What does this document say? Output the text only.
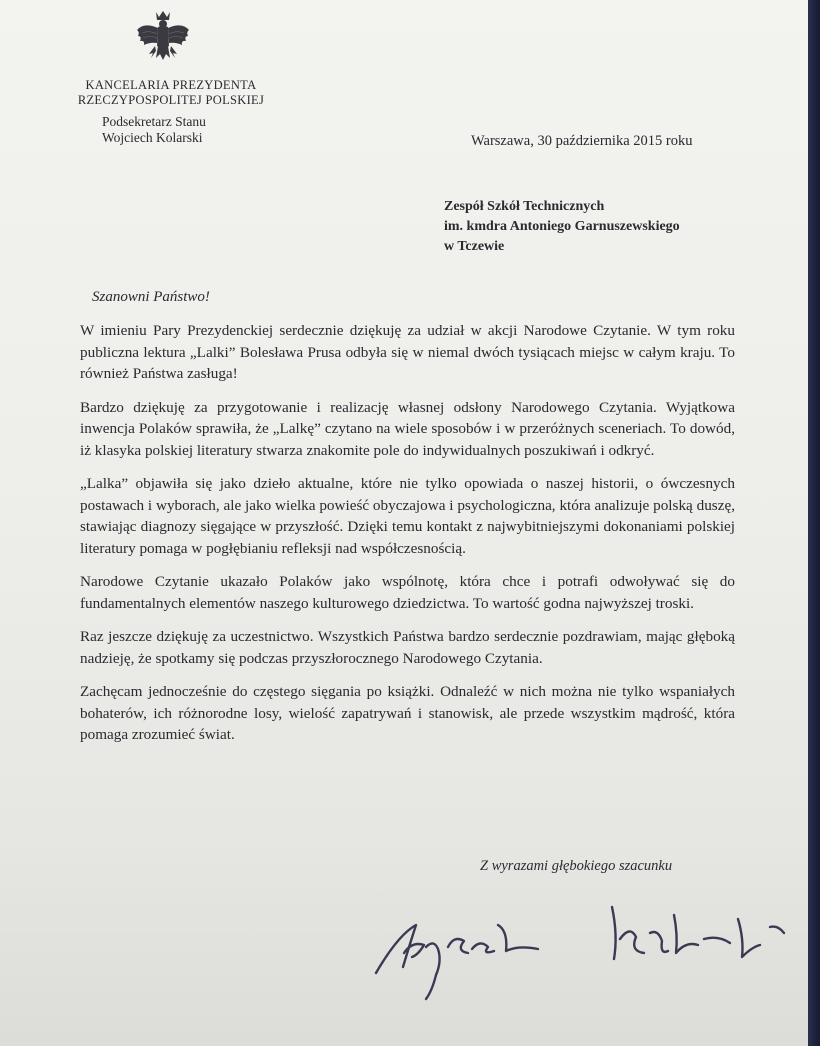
KANCELARIA PREZYDENTA
RZECZYPOSPOLITEJ POLSKIEJ
Podsekretarz Stanu
Wojciech Kolarski	Warszawa, 30 października 2015 roku
Zespół Szkół Technicznych
im. kmdra Antoniego Garnuszewskiego
w Tczewie
Szanowni Państwo!

W imieniu Pary Prezydenckiej serdecznie dziękuję za udział w akcji Narodowe Czytanie. W tym roku publiczna lektura „Lalki” Bolesława Prusa odbyła się w niemal dwóch tysiącach miejsc w całym kraju. To również Państwa zasługa!

Bardzo dziękuję za przygotowanie i realizację własnej odsłony Narodowego Czytania. Wyjątkowa inwencja Polaków sprawiła, że „Lalkę” czytano na wiele sposobów i w przeróżnych sceneriach. To dowód, iż klasyka polskiej literatury stwarza znakomite pole do indywidualnych poszukiwań i odkryć.

„Lalka” objawiła się jako dzieło aktualne, które nie tylko opowiada o naszej historii, o ówczesnych postawach i wyborach, ale jako wielka powieść obyczajowa i psychologiczna, która analizuje polską duszę, stawiając diagnozy sięgające w przyszłość. Dzięki temu kontakt z najwybitniejszymi dokonaniami polskiej literatury pomaga w pogłębianiu refleksji nad współczesnością.

Narodowe Czytanie ukazało Polaków jako wspólnotę, która chce i potrafi odwoływać się do fundamentalnych elementów naszego kulturowego dziedzictwa. To wartość godna najwyższej troski.

Raz jeszcze dziękuję za uczestnictwo. Wszystkich Państwa bardzo serdecznie pozdrawiam, mając głęboką nadzieję, że spotkamy się podczas przyszłorocznego Narodowego Czytania.

Zachęcam jednocześnie do częstego sięgania po książki. Odnaleźć w nich można nie tylko wspaniałych bohaterów, ich różnorodne losy, wielość zapatrywań i stanowisk, ale przede wszystkim mądrość, która pomaga zrozumieć świat.

Z wyrazami głębokiego szacunku
